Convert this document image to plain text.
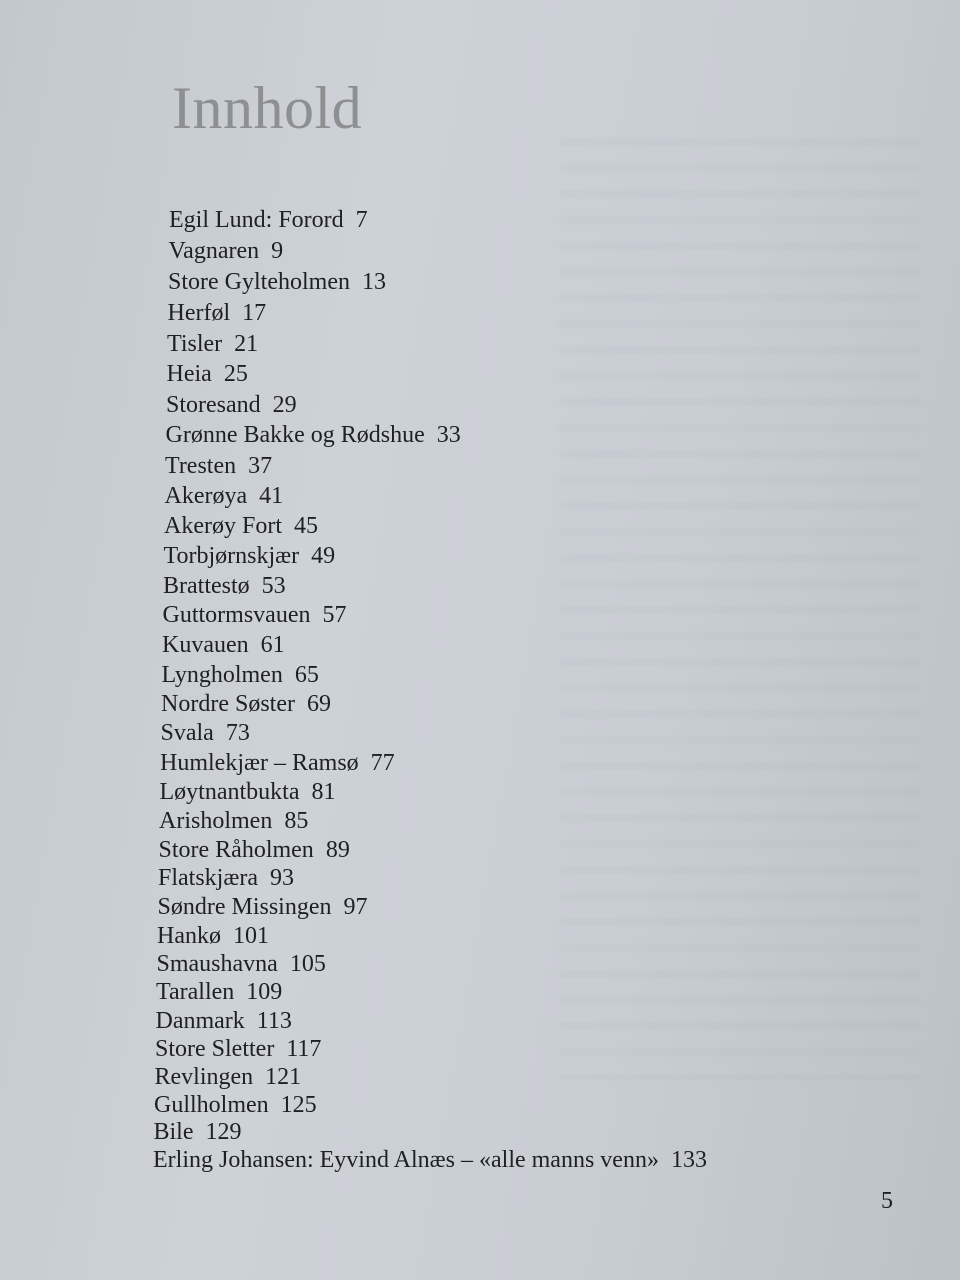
Innhold
Egil Lund: Forord 7
Vagnaren 9
Store Gylteholmen 13
Herføl 17
Tisler 21
Heia 25
Storesand 29
Grønne Bakke og Rødshue 33
Tresten 37
Akerøya 41
Akerøy Fort 45
Torbjørnskjær 49
Brattestø 53
Guttormsvauen 57
Kuvauen 61
Lyngholmen 65
Nordre Søster 69
Svala 73
Humlekjær – Ramsø 77
Løytnantbukta 81
Arisholmen 85
Store Råholmen 89
Flatskjæra 93
Søndre Missingen 97
Hankø 101
Smaushavna 105
Tarallen 109
Danmark 113
Store Sletter 117
Revlingen 121
Gullholmen 125
Bile 129
Erling Johansen: Eyvind Alnæs – «alle manns venn» 133
5
